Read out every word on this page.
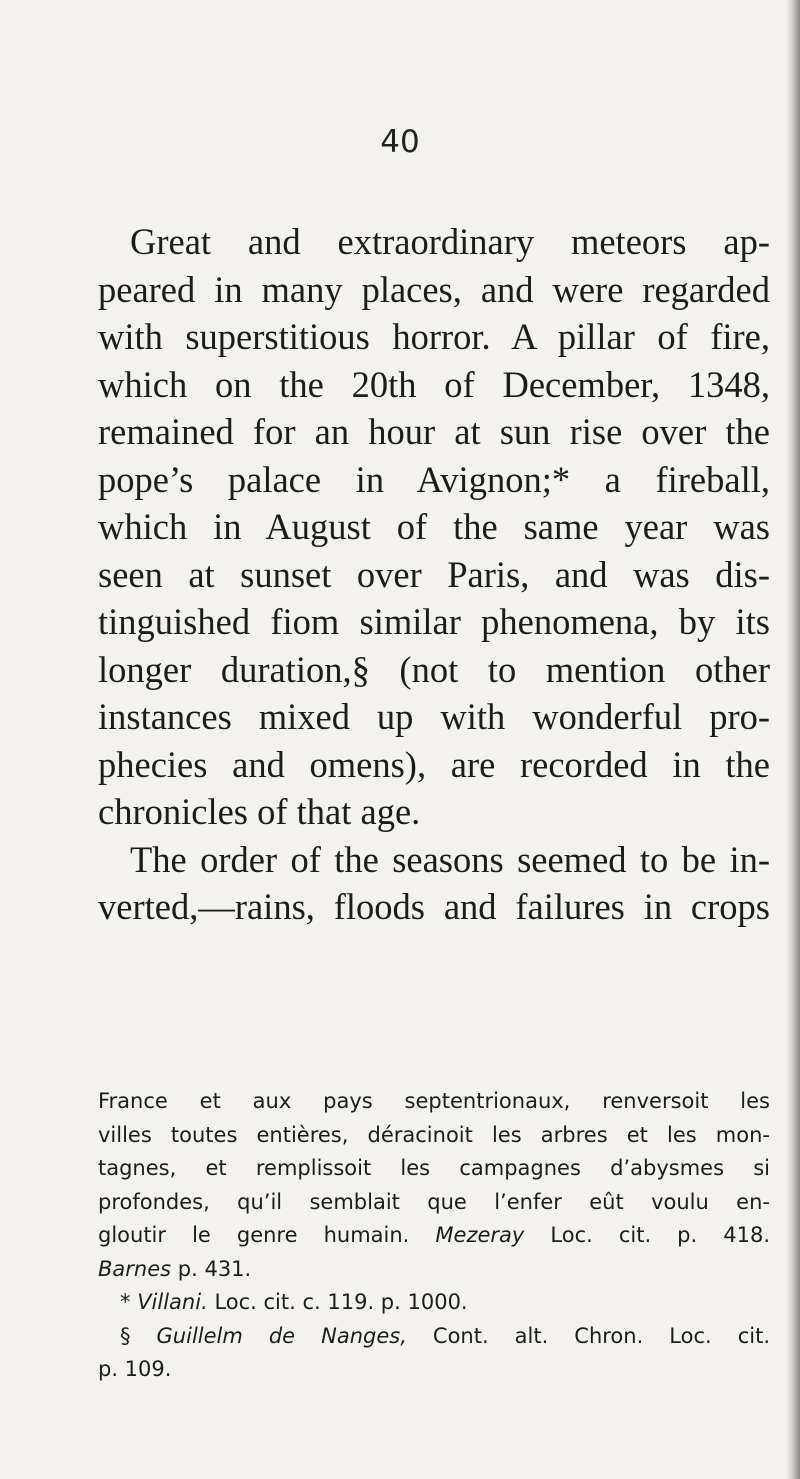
40
Great and extraordinary meteors ap-
peared in many places, and were regarded
with superstitious horror. A pillar of fire,
which on the 20th of December, 1348,
remained for an hour at sun rise over the
pope’s palace in Avignon;* a fireball,
which in August of the same year was
seen at sunset over Paris, and was dis-
tinguished fiom similar phenomena, by its
longer duration,§ (not to mention other
instances mixed up with wonderful pro-
phecies and omens), are recorded in the
chronicles of that age.
The order of the seasons seemed to be in-
verted,—rains, floods and failures in crops
France et aux pays septentrionaux, renversoit les
villes toutes entières, déracinoit les arbres et les mon-
tagnes, et remplissoit les campagnes d’abysmes si
profondes, qu’il semblait que l’enfer eût voulu en-
gloutir le genre humain. Mezeray Loc. cit. p. 418.
Barnes p. 431.
* Villani. Loc. cit. c. 119. p. 1000.
§ Guillelm de Nanges, Cont. alt. Chron. Loc. cit.
p. 109.
